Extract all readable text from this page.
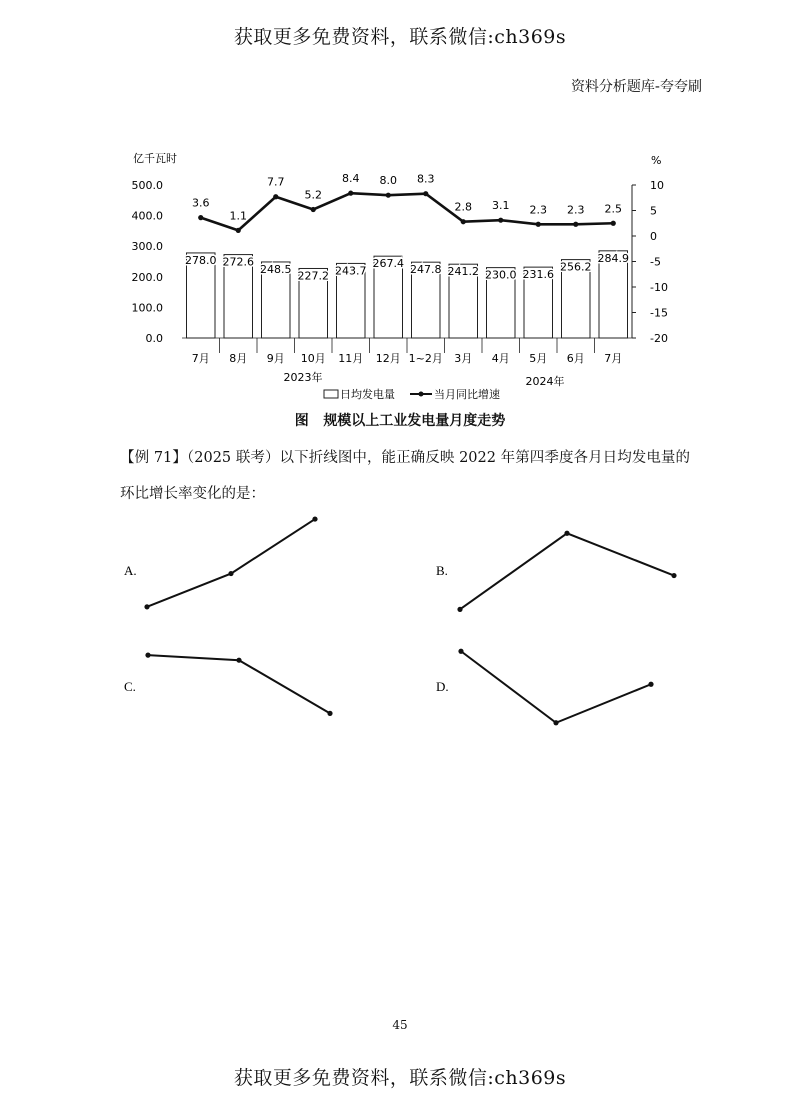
获取更多免费资料，联系微信:ch369s
资料分析题库-夸夸刷
亿千瓦时	%
0.0
100.0
200.0
300.0
400.0
500.0	10
5
0
-5
-10
-15
-20
278.0 272.6
248.5
227.2 243.7
267.4 247.8 241.2 230.0 231.6
256.2
284.9
3.6
1.1
7.7
5.2
8.4 8.0 8.3
2.8 3.1 2.3 2.3 2.5
7月 8月 9月 10月 11月 12月 1~2月 3月 4月 5月 6月 7月
2023年	2024年
日均发电量	当月同比增速
图 规模以上工业发电量月度走势
【例 71】（2025 联考）以下折线图中，能正确反映 2022 年第四季度各月日均发电量的环比增长率变化的是：
A.	B.
C.	D.
45
获取更多免费资料，联系微信:ch369s
